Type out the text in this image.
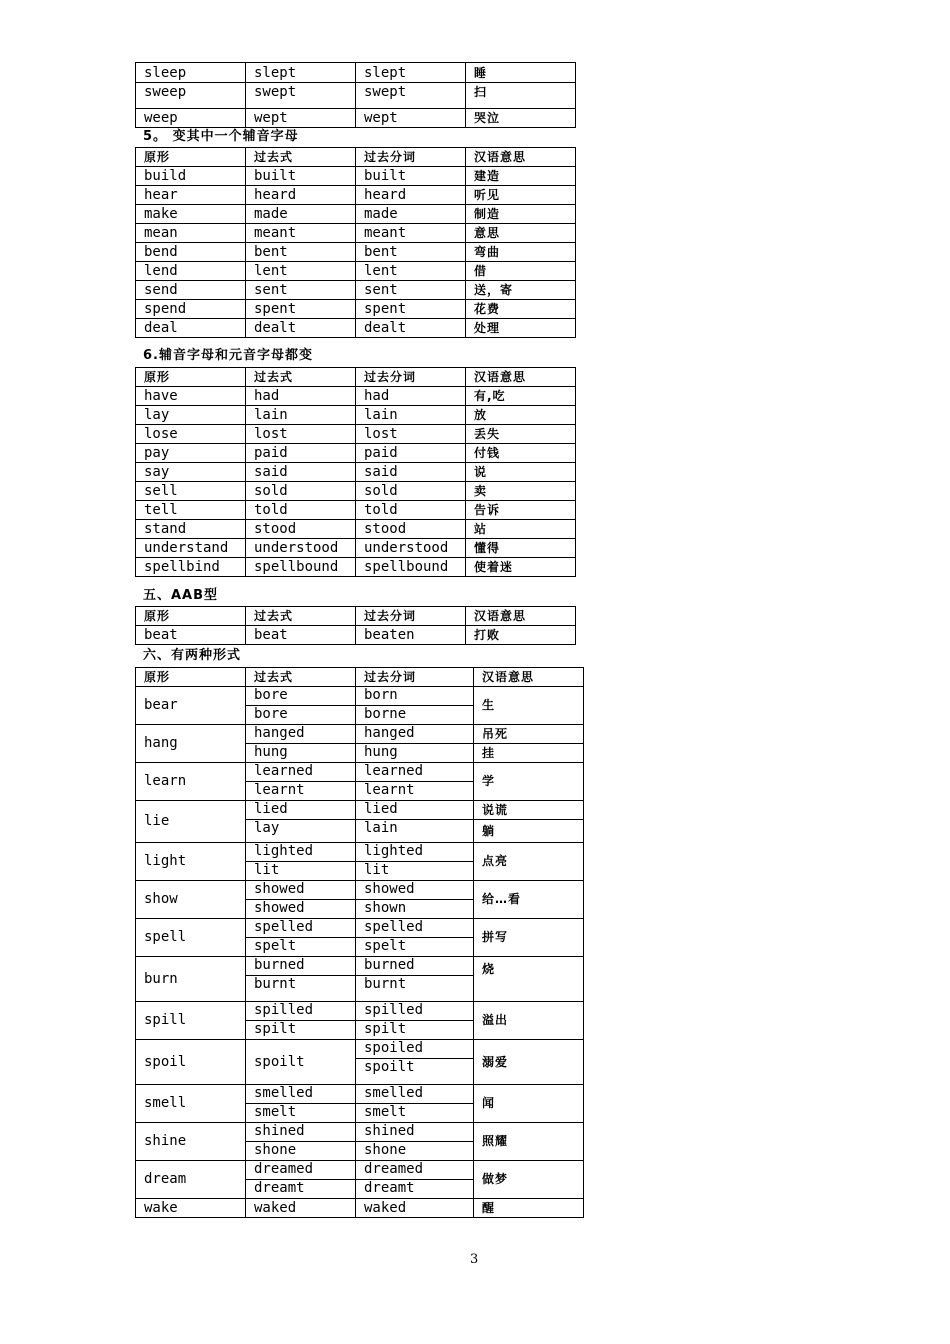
sleep	slept	slept	睡
sweep	swept	swept	扫
weep	wept	wept	哭泣
5。 变其中一个辅音字母
原形	过去式	过去分词	汉语意思
build	built	built	建造
hear	heard	heard	听见
make	made	made	制造
mean	meant	meant	意思
bend	bent	bent	弯曲
lend	lent	lent	借
send	sent	sent	送，寄
spend	spent	spent	花费
deal	dealt	dealt	处理
6.辅音字母和元音字母都变
原形	过去式	过去分词	汉语意思
have	had	had	有,吃
lay	lain	lain	放
lose	lost	lost	丢失
pay	paid	paid	付钱
say	said	said	说
sell	sold	sold	卖
tell	told	told	告诉
stand	stood	stood	站
understand	understood	understood	懂得
spellbind	spellbound	spellbound	使着迷
五、AAB型
原形	过去式	过去分词	汉语意思
beat	beat	beaten	打败
六、有两种形式
原形	过去式	过去分词	汉语意思
bear	bore	born	生
	bore	borne	
hang	hanged	hanged	吊死
	hung	hung	挂
learn	learned	learned	学
	learnt	learnt	
lie	lied	lied	说谎
	lay	lain	躺
light	lighted	lighted	点亮
	lit	lit	
show	showed	showed	给…看
	showed	shown	
spell	spelled	spelled	拼写
	spelt	spelt	
burn	burned	burned	烧
	burnt	burnt	
spill	spilled	spilled	溢出
	spilt	spilt	
spoil	spoilt	spoiled	溺爱
		spoilt	
smell	smelled	smelled	闻
	smelt	smelt	
shine	shined	shined	照耀
	shone	shone	
dream	dreamed	dreamed	做梦
	dreamt	dreamt	
wake	waked	waked	醒
3
